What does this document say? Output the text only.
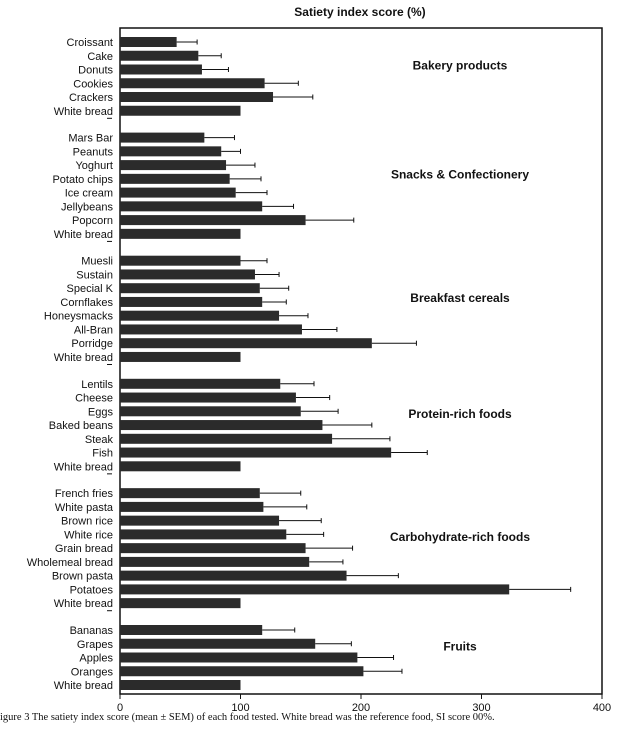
Satiety index score (%)
Croissant
Cake
Donuts
Cookies
Crackers
White bread
Bakery products
Mars Bar
Peanuts
Yoghurt
Potato chips
Ice cream
Jellybeans
Popcorn
White bread
Snacks & Confectionery
Muesli
Sustain
Special K
Cornflakes
Honeysmacks
All-Bran
Porridge
White bread
Breakfast cereals
Lentils
Cheese
Eggs
Baked beans
Steak
Fish
White bread
Protein-rich foods
French fries
White pasta
Brown rice
White rice
Grain bread
Wholemeal bread
Brown pasta
Potatoes
White bread
Carbohydrate-rich foods
Bananas
Grapes
Apples
Oranges
White bread
Fruits
0	100	200	300	400
igure 3 The satiety index score (mean ± SEM) of each food tested. White bread was the reference food, SI score 00%.
